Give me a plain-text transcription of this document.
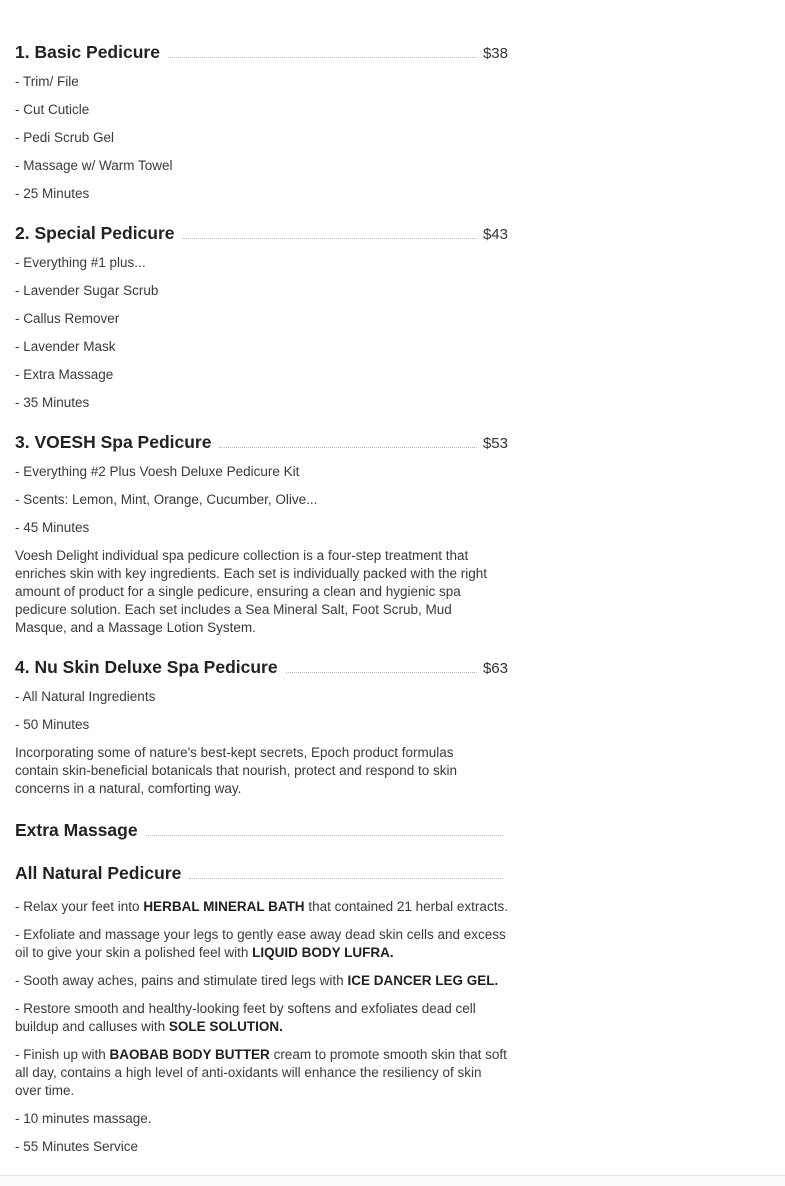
1. Basic Pedicure	$38

- Trim/ File

- Cut Cuticle

- Pedi Scrub Gel

- Massage w/ Warm Towel

- 25 Minutes

2. Special Pedicure	$43

- Everything #1 plus...

- Lavender Sugar Scrub

- Callus Remover

- Lavender Mask

- Extra Massage

- 35 Minutes

3. VOESH Spa Pedicure	$53

- Everything #2 Plus Voesh Deluxe Pedicure Kit

- Scents: Lemon, Mint, Orange, Cucumber, Olive...

- 45 Minutes

Voesh Delight individual spa pedicure collection is a four-step treatment that enriches skin with key ingredients. Each set is individually packed with the right amount of product for a single pedicure, ensuring a clean and hygienic spa pedicure solution. Each set includes a Sea Mineral Salt, Foot Scrub, Mud Masque, and a Massage Lotion System.

4. Nu Skin Deluxe Spa Pedicure	$63

- All Natural Ingredients

- 50 Minutes

Incorporating some of nature's best-kept secrets, Epoch product formulas contain skin-beneficial botanicals that nourish, protect and respond to skin concerns in a natural, comforting way.

Extra Massage
All Natural Pedicure

- Relax your feet into HERBAL MINERAL BATH that contained 21 herbal extracts.

- Exfoliate and massage your legs to gently ease away dead skin cells and excess oil to give your skin a polished feel with LIQUID BODY LUFRA.

- Sooth away aches, pains and stimulate tired legs with ICE DANCER LEG GEL.

- Restore smooth and healthy-looking feet by softens and exfoliates dead cell buildup and calluses with SOLE SOLUTION.

- Finish up with BAOBAB BODY BUTTER cream to promote smooth skin that soft all day, contains a high level of anti-oxidants will enhance the resiliency of skin over time.

- 10 minutes massage.

- 55 Minutes Service
